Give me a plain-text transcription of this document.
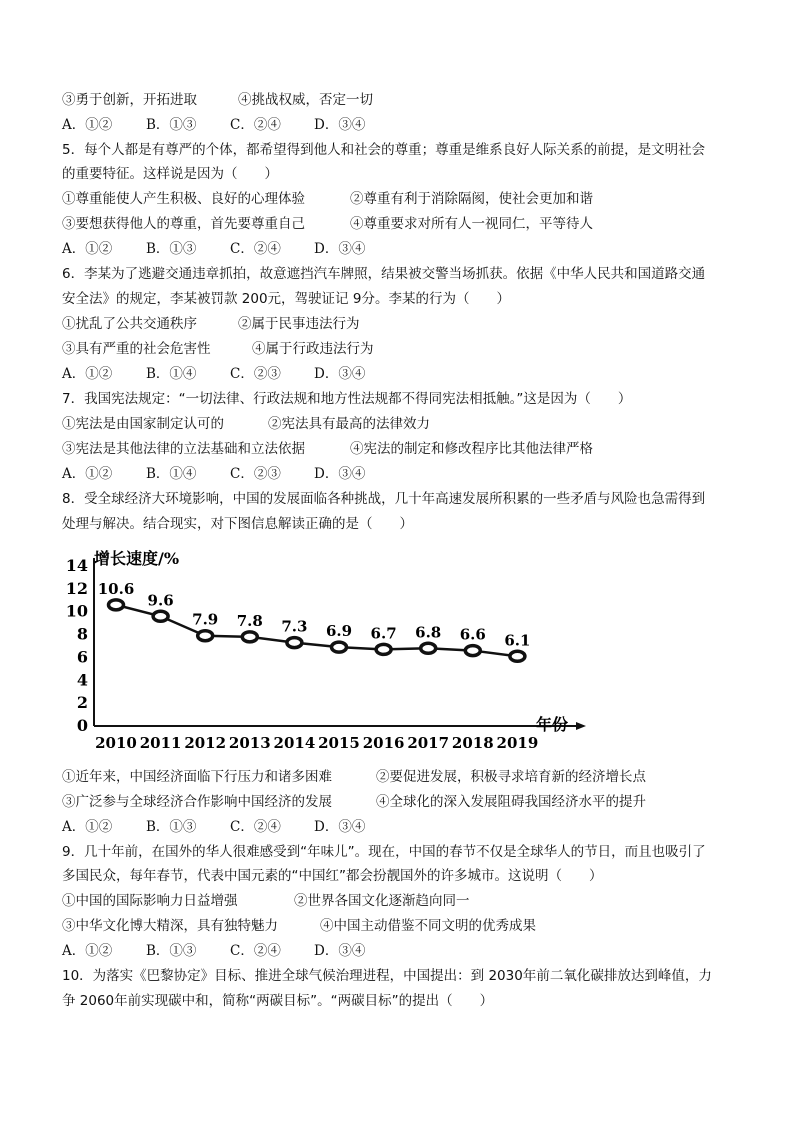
③勇于创新，开拓进取	④挑战权威，否定一切
A．①②	B．①③ C．②④ D．③④
5．每个人都是有尊严的个体，都希望得到他人和社会的尊重；尊重是维系良好人际关系的前提，是文明社会
的重要特征。这样说是因为（　　）
①尊重能使人产生积极、良好的心理体验	②尊重有利于消除隔阂，使社会更加和谐
③要想获得他人的尊重，首先要尊重自己	④尊重要求对所有人一视同仁，平等待人
A．①②	B．①③ C．②④ D．③④
6．李某为了逃避交通违章抓拍，故意遮挡汽车牌照，结果被交警当场抓获。依据《中华人民共和国道路交通
安全法》的规定，李某被罚款 200元，驾驶证记 9分。李某的行为（　　）
①扰乱了公共交通秩序	②属于民事违法行为
③具有严重的社会危害性	④属于行政违法行为
A．①②	B．①④ C．②③ D．③④
7．我国宪法规定：“一切法律、行政法规和地方性法规都不得同宪法相抵触。”这是因为（　　）
①宪法是由国家制定认可的	②宪法具有最高的法律效力
③宪法是其他法律的立法基础和立法依据	④宪法的制定和修改程序比其他法律严格
A．①②	B．①④ C．②③ D．③④
8．受全球经济大环境影响，中国的发展面临各种挑战，几十年高速发展所积累的一些矛盾与风险也急需得到
处理与解决。结合现实，对下图信息解读正确的是（　　）
0
2
4
6
8
10
12
14
2010 2011 2012 2013 2014 2015 2016 2017 2018 2019
10.6
9.6
7.9 7.8 7.3 6.9 6.7 6.8 6.6 6.1
增长速度/%
年份
①近年来，中国经济面临下行压力和诸多困难	②要促进发展，积极寻求培育新的经济增长点
③广泛参与全球经济合作影响中国经济的发展	④全球化的深入发展阻碍我国经济水平的提升
A．①②	B．①③ C．②④ D．③④
9．几十年前，在国外的华人很难感受到“年味儿”。现在，中国的春节不仅是全球华人的节日，而且也吸引了
多国民众，每年春节，代表中国元素的“中国红”都会扮靓国外的许多城市。这说明（　　）
①中国的国际影响力日益增强	②世界各国文化逐渐趋向同一
③中华文化博大精深，具有独特魅力	④中国主动借鉴不同文明的优秀成果
A．①②	B．①③ C．②④ D．③④
10．为落实《巴黎协定》目标、推进全球气候治理进程，中国提出：到 2030年前二氧化碳排放达到峰值，力
争 2060年前实现碳中和，简称“两碳目标”。“两碳目标”的提出（　　）
